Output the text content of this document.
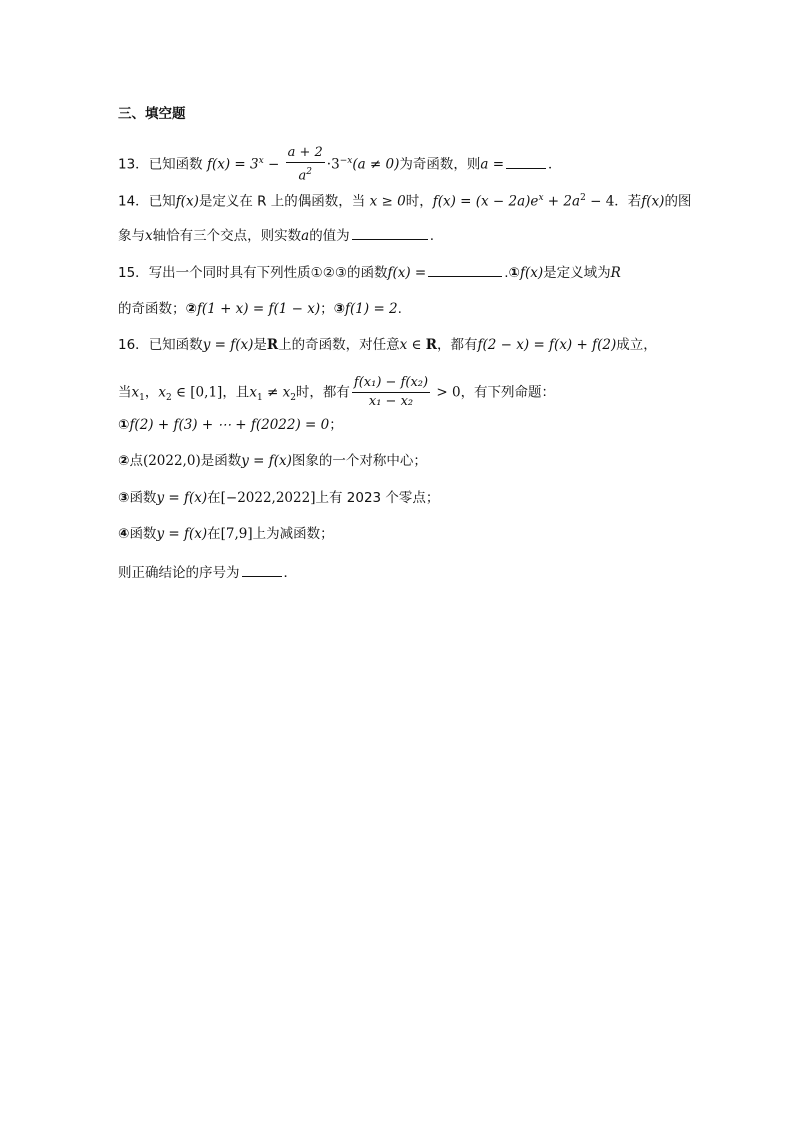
三、填空题
13．已知函数 $f(x) = 3^x - \frac{a + 2}{a^2} \cdot 3^{-x}(a \ne 0)$为奇函数，则a =	．
14．已知f(x)是定义在 R 上的偶函数，当 x ≥ 0时，$f(x) = (x - 2a)e^x + 2a^2 - 4$．若f(x)的图
象与x轴恰有三个交点，则实数a的值为	.
15．写出一个同时具有下列性质①②③的函数f(x) =	.①f(x)是定义域为R
的奇函数；②f(1 + x) = f(1 − x)；③f(1) = 2.
16．已知函数y = f(x)是R上的奇函数，对任意x ∈ R，都有f(2 − x) = f(x) + f(2)成立，
当$x_1$，$x_2$ ∈ [0,1]，且$x_1 \ne x_2$时，都有 $\frac{\text{f(x₁) − f(x₂)}}{\text{x₁ − x₂}} > 0$，有下列命题：
①f(2) + f(3) + ⋯ + f(2022) = 0；
②点(2022,0)是函数y = f(x)图象的一个对称中心；
③函数y = f(x)在[−2022,2022]上有 2023 个零点；
④函数y = f(x)在[7,9]上为减函数；
则正确结论的序号为	．
